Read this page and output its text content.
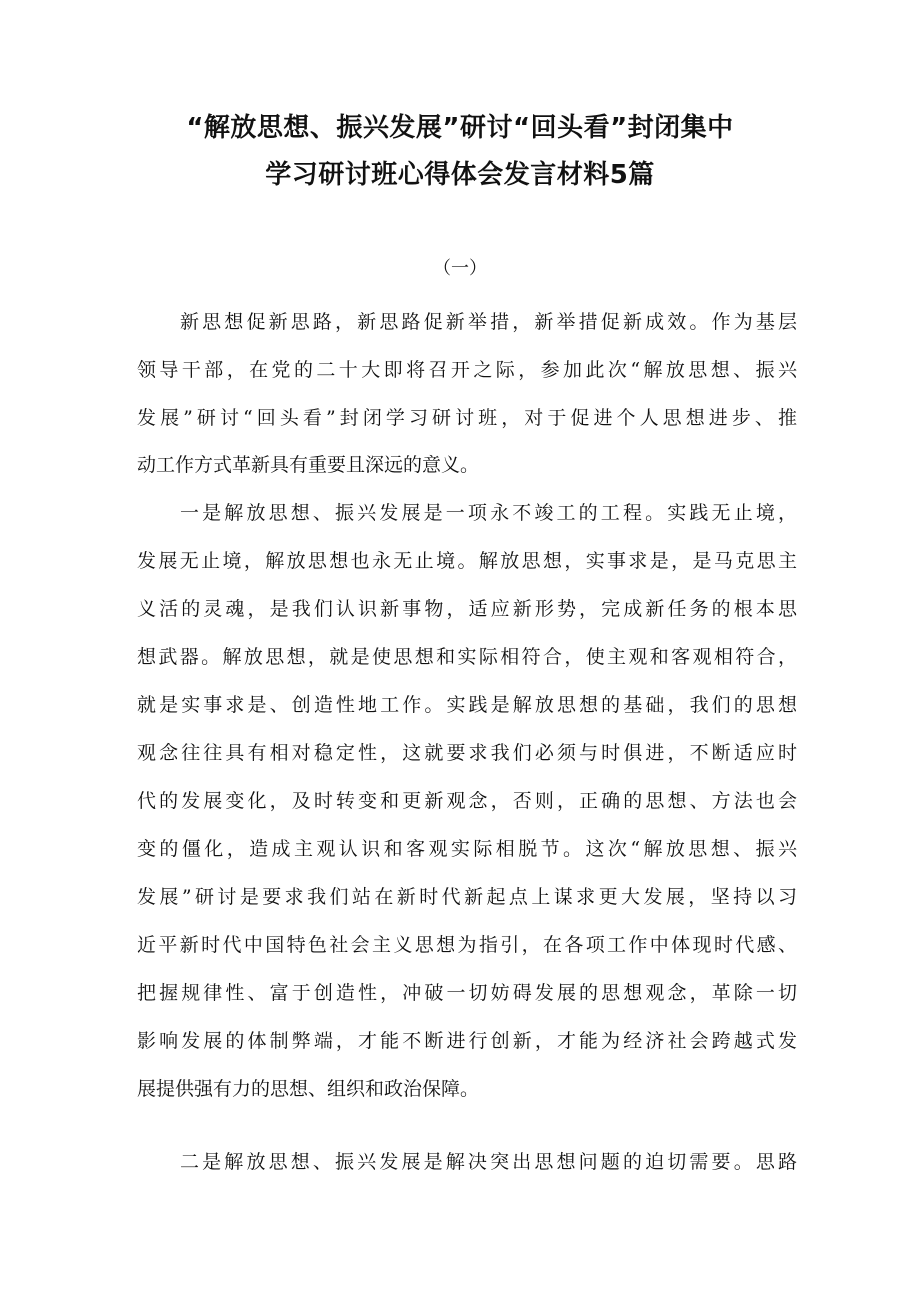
“解放思想、振兴发展”研讨“回头看”封闭集中
学习研讨班心得体会发言材料5篇
（一）
新思想促新思路，新思路促新举措，新举措促新成效。作为基层
领导干部，在党的二十大即将召开之际，参加此次“解放思想、振兴
发展”研讨“回头看”封闭学习研讨班，对于促进个人思想进步、推
动工作方式革新具有重要且深远的意义。
一是解放思想、振兴发展是一项永不竣工的工程。实践无止境，
发展无止境，解放思想也永无止境。解放思想，实事求是，是马克思主
义活的灵魂，是我们认识新事物，适应新形势，完成新任务的根本思
想武器。解放思想，就是使思想和实际相符合，使主观和客观相符合，
就是实事求是、创造性地工作。实践是解放思想的基础，我们的思想
观念往往具有相对稳定性，这就要求我们必须与时俱进，不断适应时
代的发展变化，及时转变和更新观念，否则，正确的思想、方法也会
变的僵化，造成主观认识和客观实际相脱节。这次“解放思想、振兴
发展”研讨是要求我们站在新时代新起点上谋求更大发展，坚持以习
近平新时代中国特色社会主义思想为指引，在各项工作中体现时代感、
把握规律性、富于创造性，冲破一切妨碍发展的思想观念，革除一切
影响发展的体制弊端，才能不断进行创新，才能为经济社会跨越式发
展提供强有力的思想、组织和政治保障。
二是解放思想、振兴发展是解决突出思想问题的迫切需要。思路
